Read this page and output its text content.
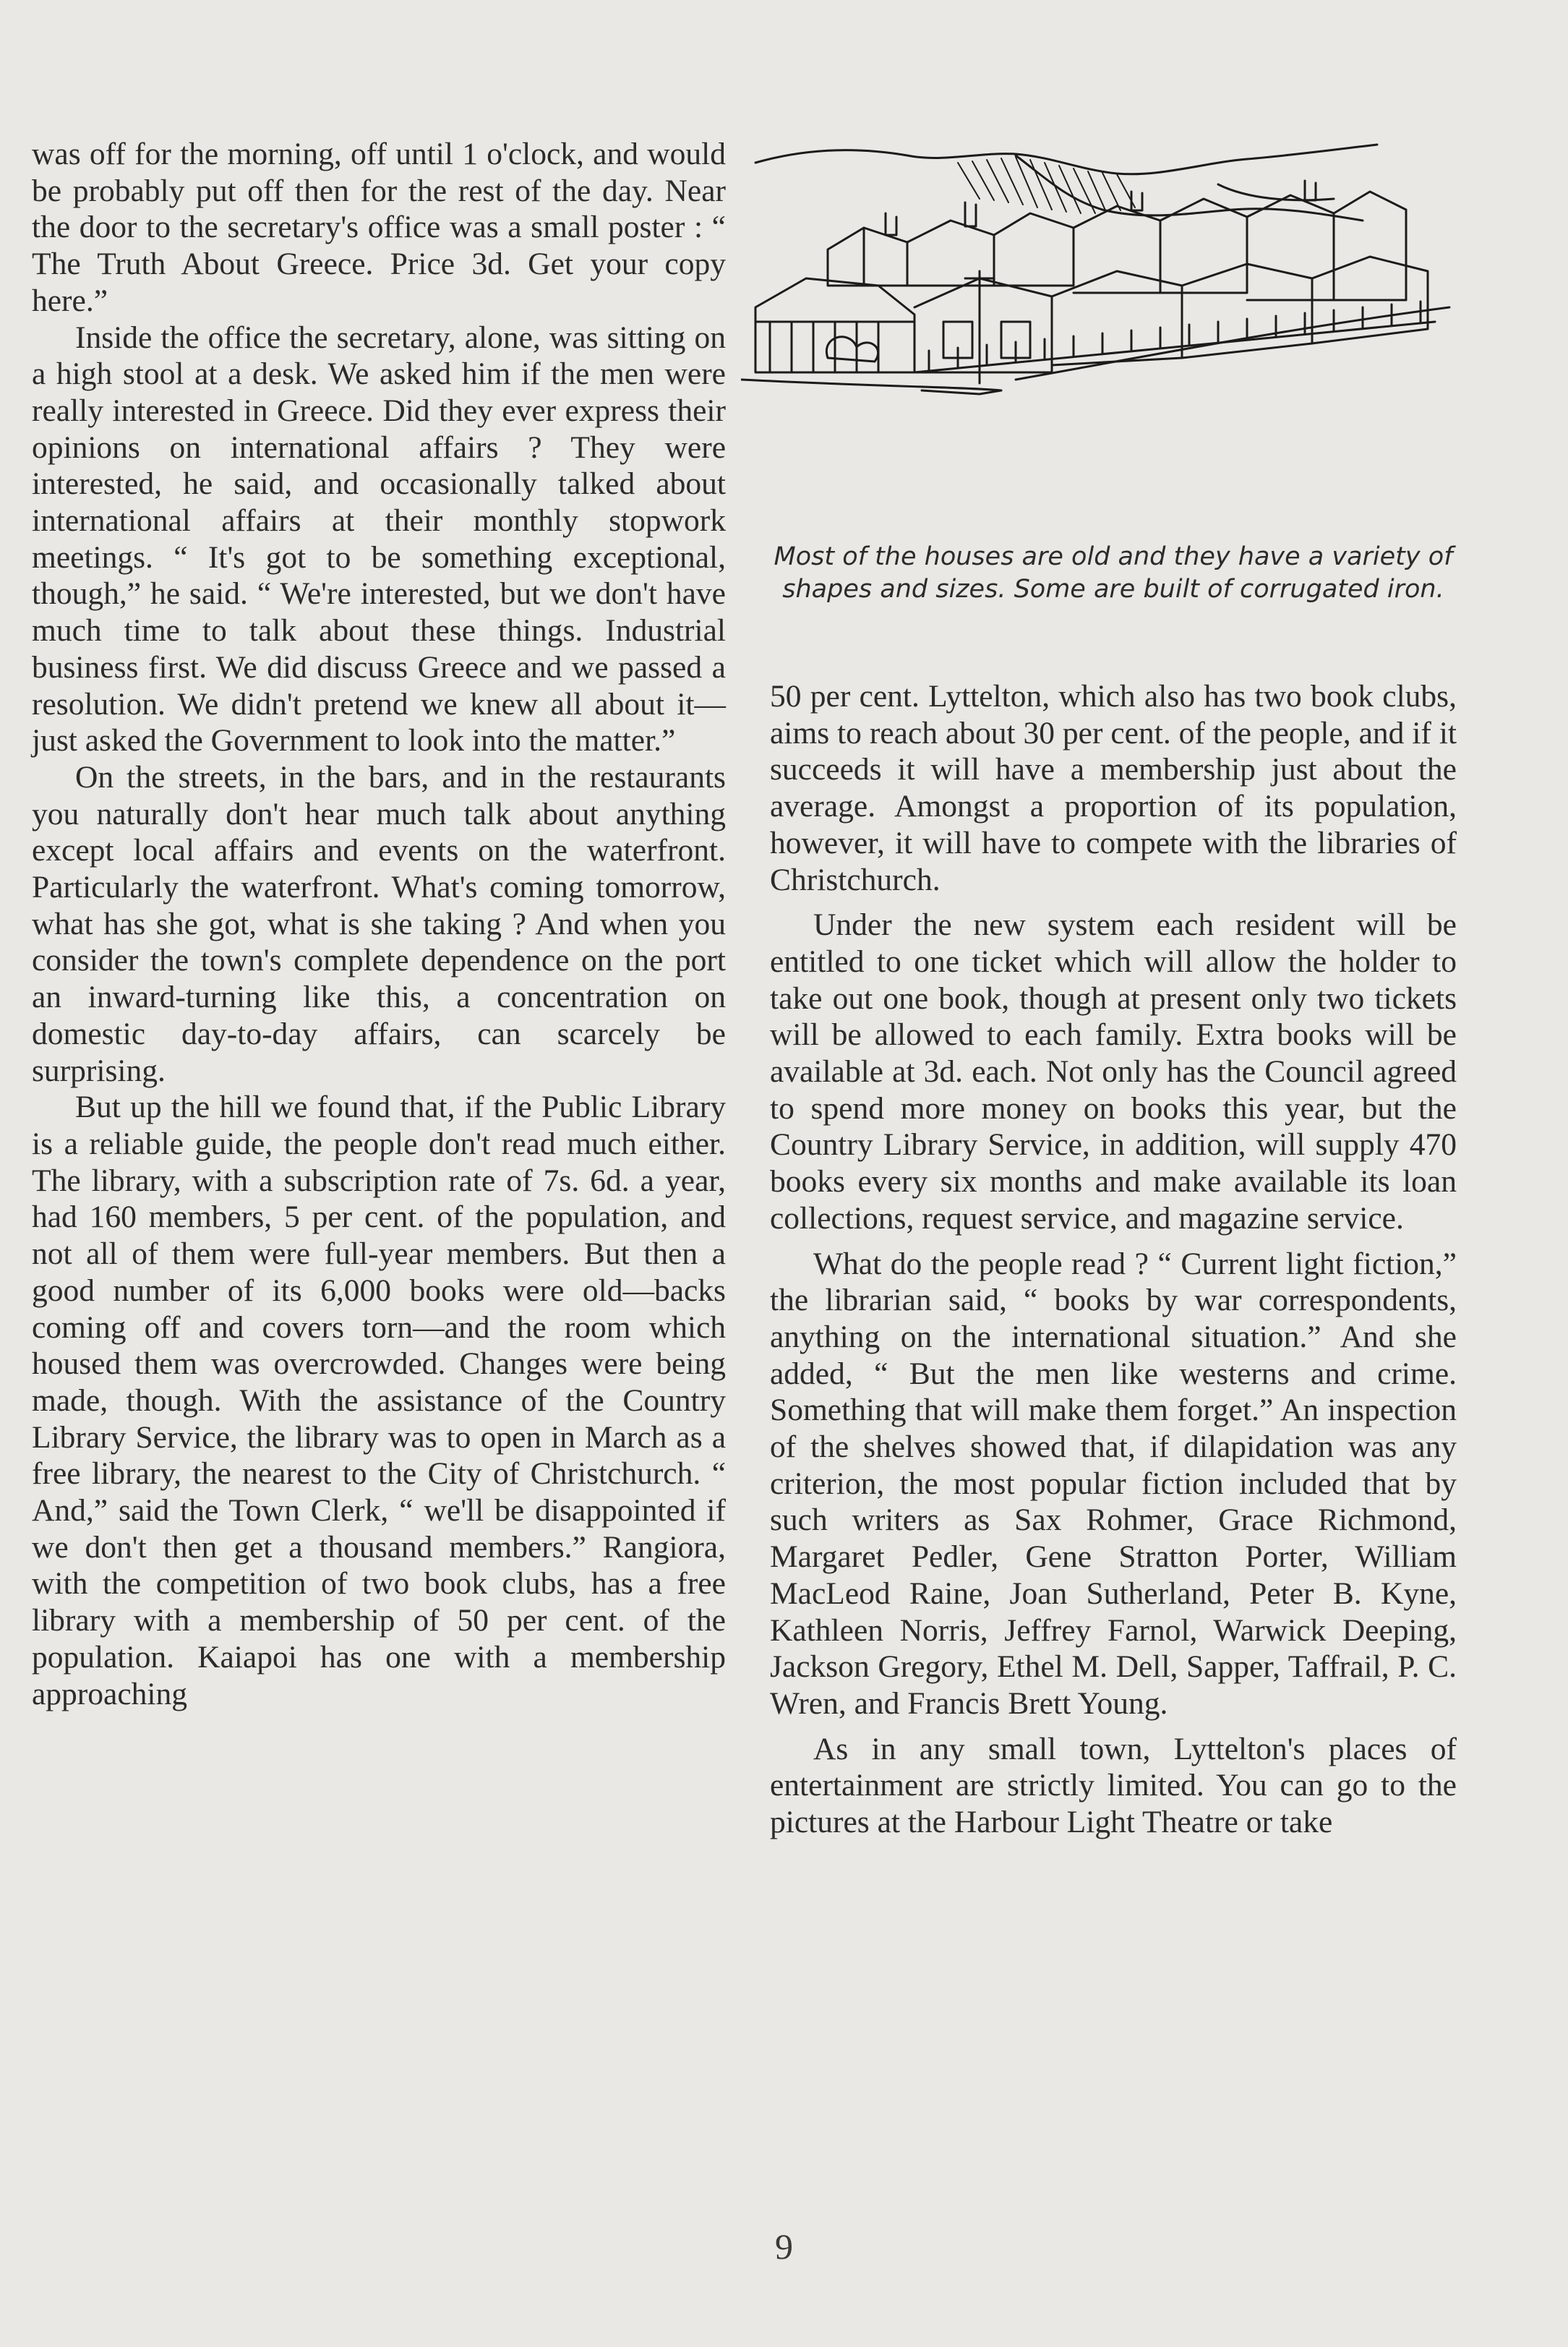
was off for the morning, off until 1 o'clock, and would be probably put off then for the rest of the day. Near the door to the secretary's office was a small poster : “ The Truth About Greece. Price 3d. Get your copy here.”

Inside the office the secretary, alone, was sitting on a high stool at a desk. We asked him if the men were really interested in Greece. Did they ever express their opinions on international affairs ? They were interested, he said, and occasionally talked about international affairs at their monthly stopwork meetings. “ It's got to be something exceptional, though,” he said. “ We're interested, but we don't have much time to talk about these things. Industrial business first. We did discuss Greece and we passed a resolution. We didn't pretend we knew all about it—just asked the Government to look into the matter.”

On the streets, in the bars, and in the restaurants you naturally don't hear much talk about anything except local affairs and events on the waterfront. Particularly the waterfront. What's coming tomorrow, what has she got, what is she taking ? And when you consider the town's complete dependence on the port an inward-turning like this, a concentration on domestic day-to-day affairs, can scarcely be surprising.

But up the hill we found that, if the Public Library is a reliable guide, the people don't read much either. The library, with a subscription rate of 7s. 6d. a year, had 160 members, 5 per cent. of the population, and not all of them were full-year members. But then a good number of its 6,000 books were old—backs coming off and covers torn—and the room which housed them was overcrowded. Changes were being made, though. With the assistance of the Country Library Service, the library was to open in March as a free library, the nearest to the City of Christchurch. “ And,” said the Town Clerk, “ we'll be disappointed if we don't then get a thousand members.” Rangiora, with the competition of two book clubs, has a free library with a membership of 50 per cent. of the population. Kaiapoi has one with a membership approaching

Most of the houses are old and they have a variety of shapes and sizes. Some are built of corrugated iron.

50 per cent. Lyttelton, which also has two book clubs, aims to reach about 30 per cent. of the people, and if it succeeds it will have a membership just about the average. Amongst a proportion of its population, however, it will have to compete with the libraries of Christchurch.

Under the new system each resident will be entitled to one ticket which will allow the holder to take out one book, though at present only two tickets will be allowed to each family. Extra books will be available at 3d. each. Not only has the Council agreed to spend more money on books this year, but the Country Library Service, in addition, will supply 470 books every six months and make available its loan collections, request service, and magazine service.

What do the people read ? “ Current light fiction,” the librarian said, “ books by war correspondents, anything on the international situation.” And she added, “ But the men like westerns and crime. Something that will make them forget.” An inspection of the shelves showed that, if dilapidation was any criterion, the most popular fiction included that by such writers as Sax Rohmer, Grace Richmond, Margaret Pedler, Gene Stratton Porter, William MacLeod Raine, Joan Sutherland, Peter B. Kyne, Kathleen Norris, Jeffrey Farnol, Warwick Deeping, Jackson Gregory, Ethel M. Dell, Sapper, Taffrail, P. C. Wren, and Francis Brett Young.

As in any small town, Lyttelton's places of entertainment are strictly limited. You can go to the pictures at the Harbour Light Theatre or take

9
